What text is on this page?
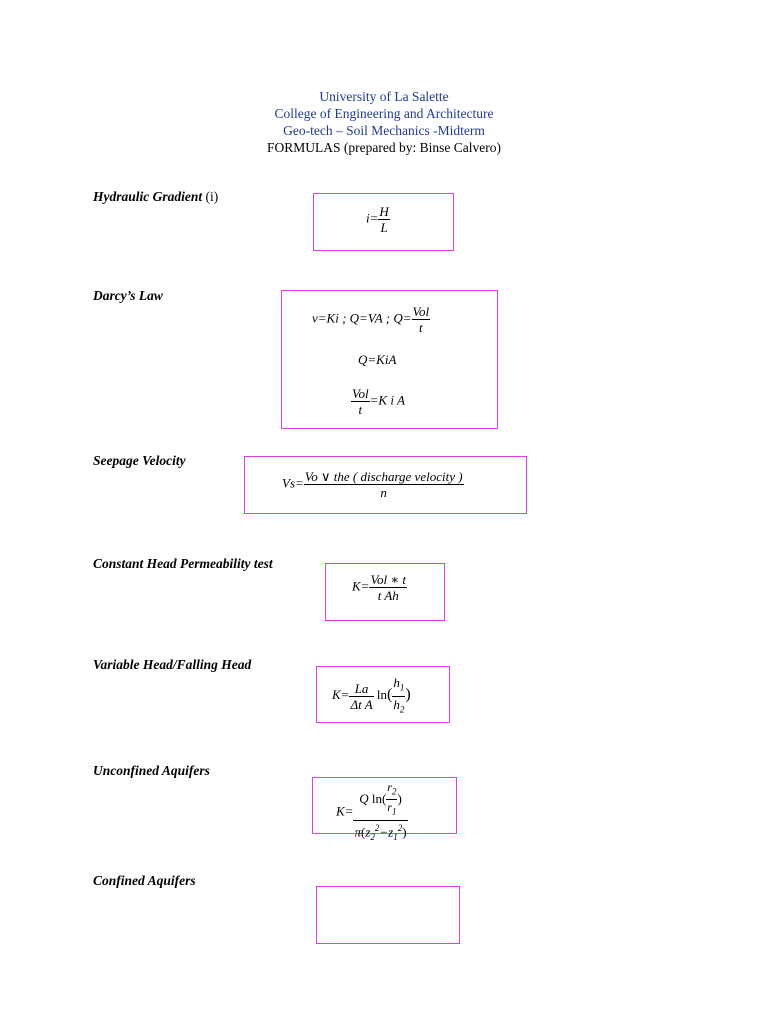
University of La Salette
College of Engineering and Architecture
Geo-tech – Soil Mechanics -Midterm
FORMULAS (prepared by: Binse Calvero)
Hydraulic Gradient (i)
$i= \frac{H}{L}$
Darcy’s Law
v=Ki ; Q=VA ; $Q= \frac{\text{Vol}}{t}$
Q=KiA
$\frac{\text{Vol}}{t} =K$ i A
Seepage Velocity
$Vs= \frac{\text{Vo ∨ the ( discharge velocity )}}{n}$
Constant Head Permeability test
$K= \frac{\text{Vol ∗ t}}{\text{t Ah}}$
Variable Head/Falling Head
$K= \frac{La}{\text{Δt A}} \ln( \frac{h_1}{h_2}$ )
Unconfined Aquifers
$K= \frac{Q \ln( \frac{r_2}{r_1} )}{\pi(z_2^2-z_1^2)}$
Confined Aquifers
